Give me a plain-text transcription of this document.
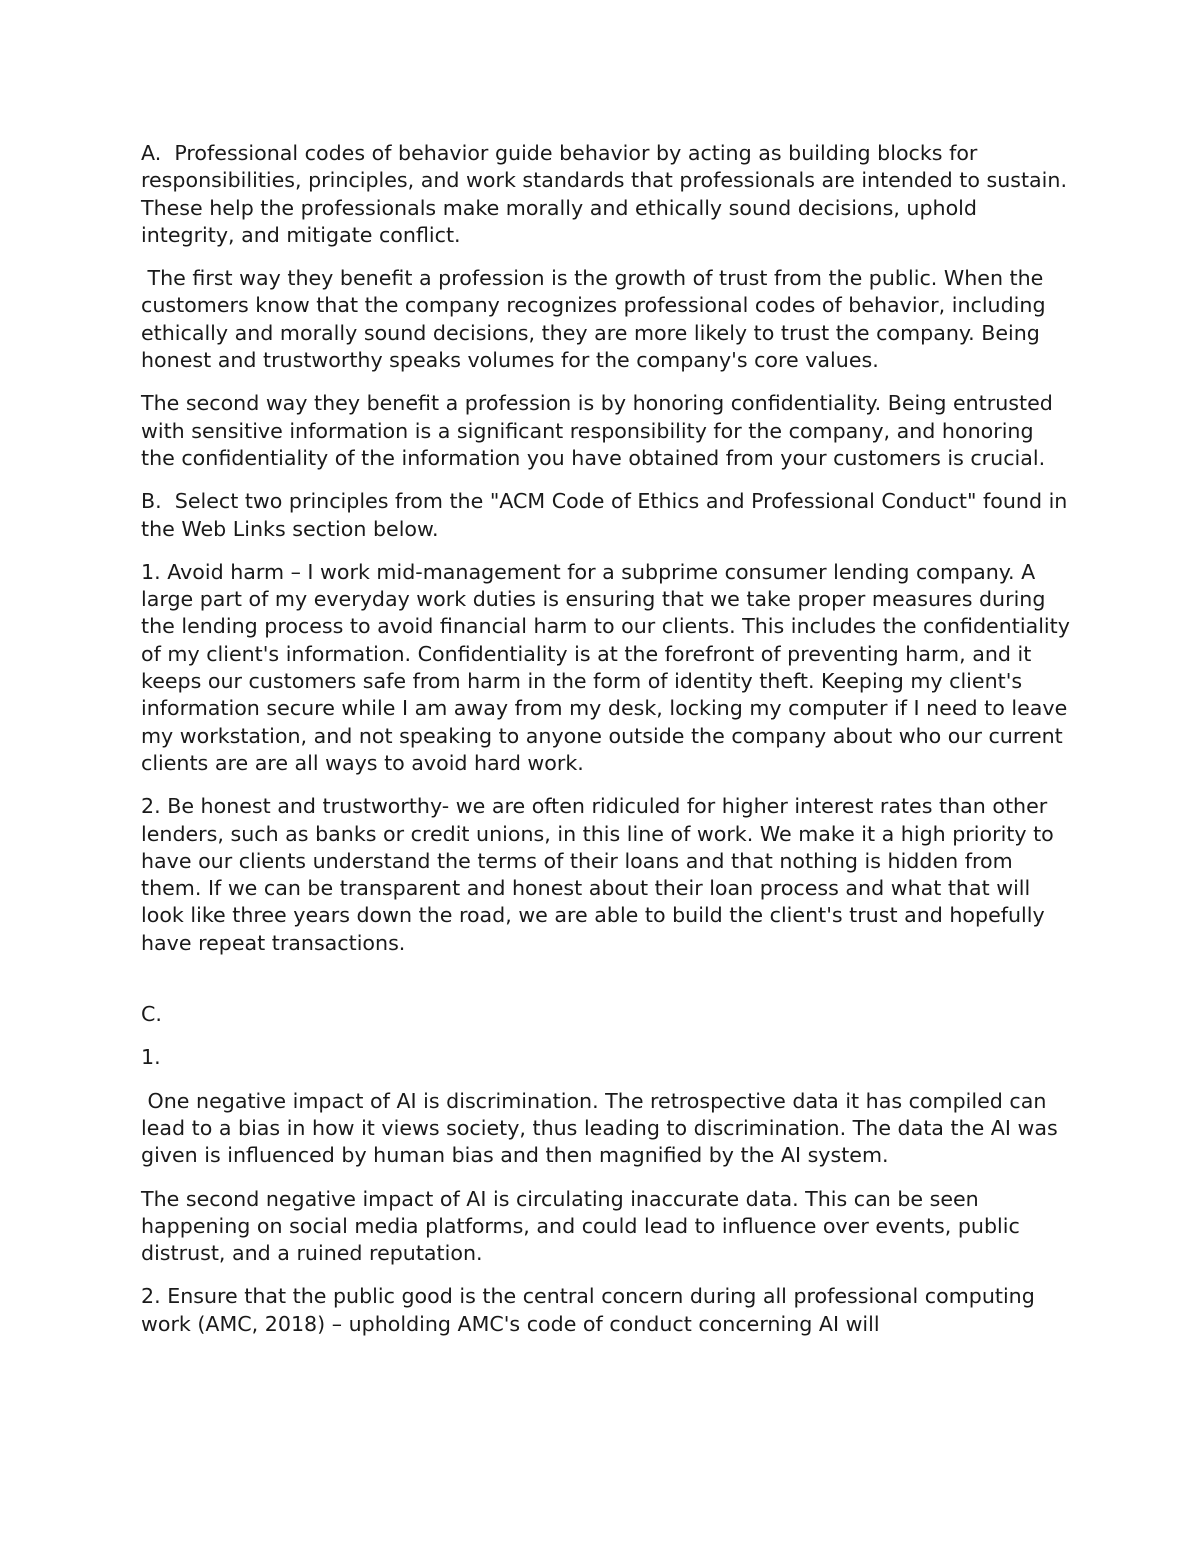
A.  Professional codes of behavior guide behavior by acting as building blocks for responsibilities, principles, and work standards that professionals are intended to sustain. These help the professionals make morally and ethically sound decisions, uphold integrity, and mitigate conflict.

The first way they benefit a profession is the growth of trust from the public. When the customers know that the company recognizes professional codes of behavior, including ethically and morally sound decisions, they are more likely to trust the company. Being honest and trustworthy speaks volumes for the company's core values.

The second way they benefit a profession is by honoring confidentiality. Being entrusted with sensitive information is a significant responsibility for the company, and honoring the confidentiality of the information you have obtained from your customers is crucial.

B.  Select two principles from the "ACM Code of Ethics and Professional Conduct" found in the Web Links section below.

1. Avoid harm – I work mid-management for a subprime consumer lending company. A large part of my everyday work duties is ensuring that we take proper measures during the lending process to avoid financial harm to our clients. This includes the confidentiality of my client's information. Confidentiality is at the forefront of preventing harm, and it keeps our customers safe from harm in the form of identity theft. Keeping my client's information secure while I am away from my desk, locking my computer if I need to leave my workstation, and not speaking to anyone outside the company about who our current clients are are all ways to avoid hard work.

2. Be honest and trustworthy- we are often ridiculed for higher interest rates than other lenders, such as banks or credit unions, in this line of work. We make it a high priority to have our clients understand the terms of their loans and that nothing is hidden from them. If we can be transparent and honest about their loan process and what that will look like three years down the road, we are able to build the client's trust and hopefully have repeat transactions.

C.

1.

One negative impact of AI is discrimination. The retrospective data it has compiled can lead to a bias in how it views society, thus leading to discrimination. The data the AI was given is influenced by human bias and then magnified by the AI system.

The second negative impact of AI is circulating inaccurate data. This can be seen happening on social media platforms, and could lead to influence over events, public distrust, and a ruined reputation.

2. Ensure that the public good is the central concern during all professional computing work (AMC, 2018) – upholding AMC's code of conduct concerning AI will
